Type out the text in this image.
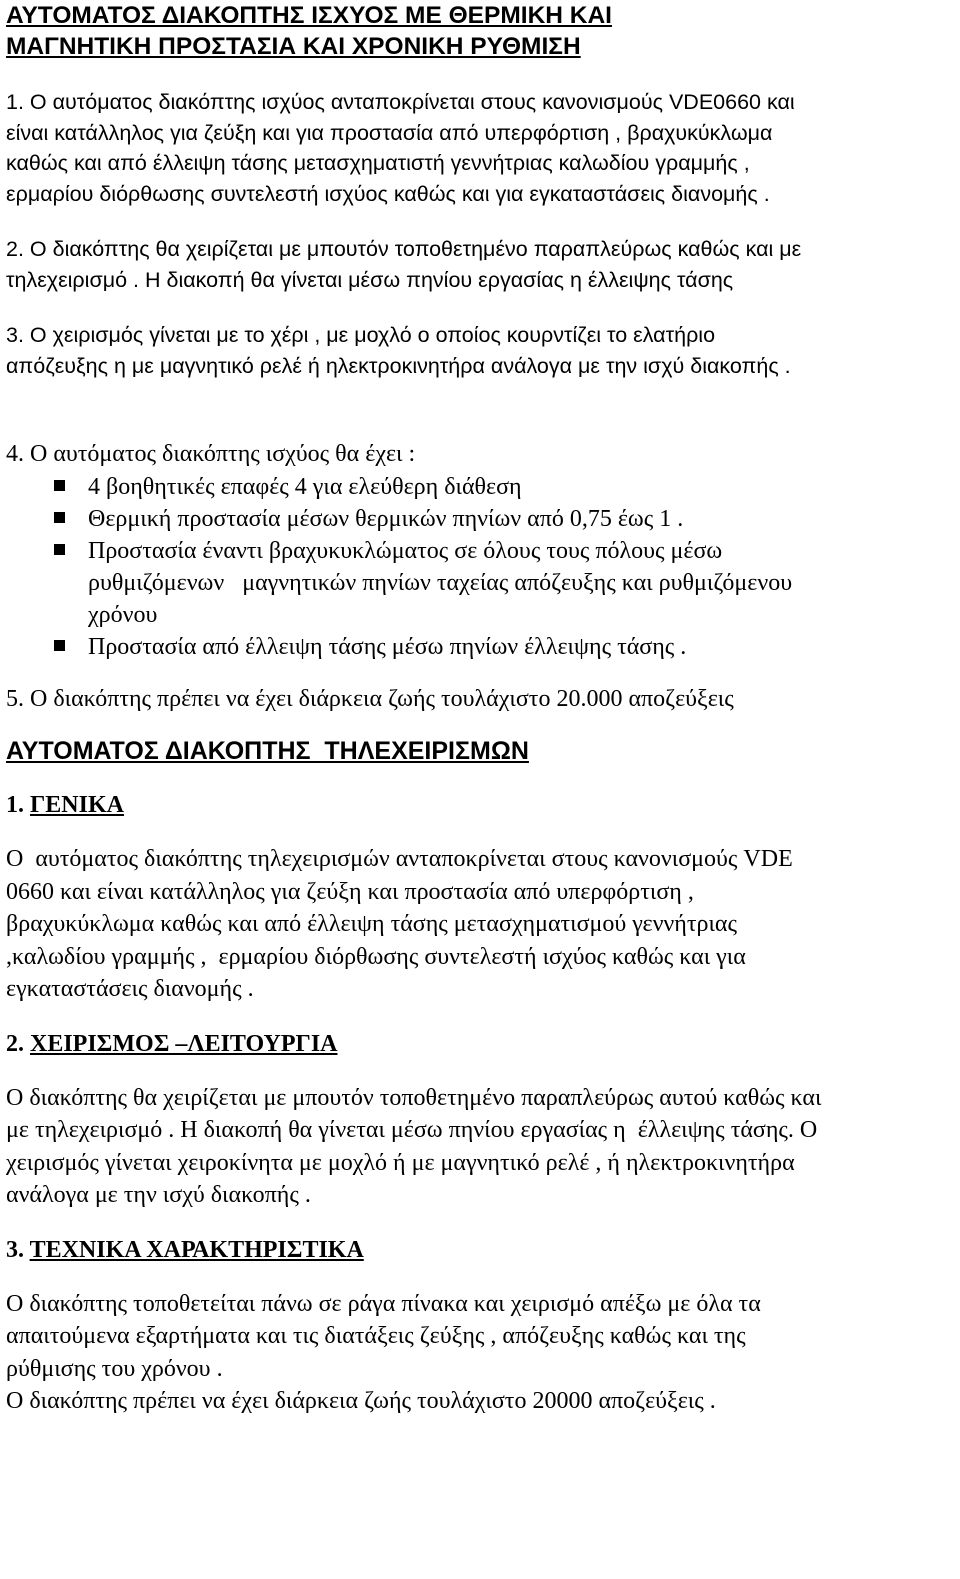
ΑΥΤΟΜΑΤΟΣ ΔΙΑΚΟΠΤΗΣ ΙΣΧΥΟΣ ΜΕ ΘΕΡΜΙΚΗ ΚΑΙ
ΜΑΓΝΗΤΙΚΗ ΠΡΟΣΤΑΣΙΑ ΚΑΙ ΧΡΟΝΙΚΗ ΡΥΘΜΙΣΗ
1. Ο αυτόματος διακόπτης ισχύος ανταποκρίνεται στους κανονισμούς VDE0660 και
είναι κατάλληλος για ζεύξη και για προστασία από υπερφόρτιση , βραχυκύκλωμα
καθώς και από έλλειψη τάσης μετασχηματιστή γεννήτριας καλωδίου γραμμής ,
ερμαρίου διόρθωσης συντελεστή ισχύος καθώς και για εγκαταστάσεις διανομής .
2. Ο διακόπτης θα χειρίζεται με μπουτόν τοποθετημένο παραπλεύρως καθώς και με
τηλεχειρισμό . Η διακοπή θα γίνεται μέσω πηνίου εργασίας η έλλειψης τάσης
3. Ο χειρισμός γίνεται με το χέρι , με μοχλό ο οποίος κουρντίζει το ελατήριο
απόζευξης η με μαγνητικό ρελέ ή ηλεκτροκινητήρα ανάλογα με την ισχύ διακοπής .
4. Ο αυτόματος διακόπτης ισχύος θα έχει :
4 βοηθητικές επαφές 4 για ελεύθερη διάθεση
Θερμική προστασία μέσων θερμικών πηνίων από 0,75 έως 1 .
Προστασία έναντι βραχυκυκλώματος σε όλους τους πόλους μέσω
ρυθμιζόμενων   μαγνητικών πηνίων ταχείας απόζευξης και ρυθμιζόμενου
χρόνου
Προστασία από έλλειψη τάσης μέσω πηνίων έλλειψης τάσης .
5. Ο διακόπτης πρέπει να έχει διάρκεια ζωής τουλάχιστο 20.000 αποζεύξεις
ΑΥΤΟΜΑΤΟΣ ΔΙΑΚΟΠΤΗΣ  ΤΗΛΕΧΕΙΡΙΣΜΩΝ
1. ΓΕΝΙΚΑ
Ο  αυτόματος διακόπτης τηλεχειρισμών ανταποκρίνεται στους κανονισμούς VDE
0660 και είναι κατάλληλος για ζεύξη και προστασία από υπερφόρτιση ,
βραχυκύκλωμα καθώς και από έλλειψη τάσης μετασχηματισμού γεννήτριας
,καλωδίου γραμμής ,  ερμαρίου διόρθωσης συντελεστή ισχύος καθώς και για
εγκαταστάσεις διανομής .
2. ΧΕΙΡΙΣΜΟΣ –ΛΕΙΤΟΥΡΓΙΑ
Ο διακόπτης θα χειρίζεται με μπουτόν τοποθετημένο παραπλεύρως αυτού καθώς και
με τηλεχειρισμό . Η διακοπή θα γίνεται μέσω πηνίου εργασίας η  έλλειψης τάσης. Ο
χειρισμός γίνεται χειροκίνητα με μοχλό ή με μαγνητικό ρελέ , ή ηλεκτροκινητήρα
ανάλογα με την ισχύ διακοπής .
3. ΤΕΧΝΙΚΑ ΧΑΡΑΚΤΗΡΙΣΤΙΚΑ
Ο διακόπτης τοποθετείται πάνω σε ράγα πίνακα και χειρισμό απέξω με όλα τα
απαιτούμενα εξαρτήματα και τις διατάξεις ζεύξης , απόζευξης καθώς και της
ρύθμισης του χρόνου .
Ο διακόπτης πρέπει να έχει διάρκεια ζωής τουλάχιστο 20000 αποζεύξεις .
